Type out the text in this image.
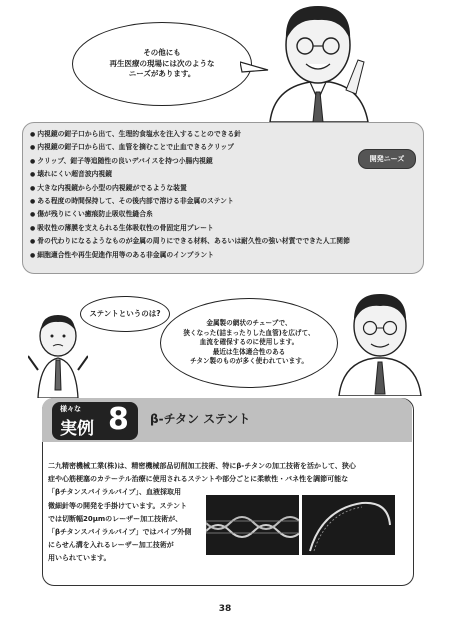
その他にも
再生医療の現場には次のような
ニーズがあります。
● 内視鏡の鉗子口から出て、生理的食塩水を注入することのできる針
● 内視鏡の鉗子口から出て、血管を摘むことで止血できるクリップ
● クリップ、鉗子等追随性の良いデバイスを持つ小腸内視鏡
● 壊れにくい超音波内視鏡
● 大きな内視鏡から小型の内視鏡がでるような装置
● ある程度の時間保持して、その後内部で溶ける非金属のステント
● 傷が残りにくい癒痕防止吸収性縫合糸
● 吸収性の薄膜を支えられる生体吸収性の骨固定用プレート
● 骨の代わりになるようなものが金属の周りにできる材料、あるいは耐久性の強い材質でできた人工関節
● 細胞適合性や再生促進作用等のある非金属のインプラント
開発ニーズ
ステントというのは?
金属製の網状のチューブで、
狭くなった(詰まったりした血管)を広げて、
血流を確保するのに使用します。
最近は生体適合性のある
チタン製のものが多く使われています。
様々な
実例 8 β-チタン ステント
二九精密機械工業(株)は、精密機械部品切削加工技術、特にβ-チタンの加工技術を活かして、狭心
症や心筋梗塞のカテーテル治療に使用されるステントや部分ごとに柔軟性・バネ性を調節可能な
「βチタンスパイラルパイプ」、血液採取用
微細針等の開発を手掛けています。ステント
では切断幅20μmのレーザー加工技術が、
「βチタンスパイラルパイプ」ではパイプ外側
にらせん溝を入れるレーザー加工技術が
用いられています。
38
